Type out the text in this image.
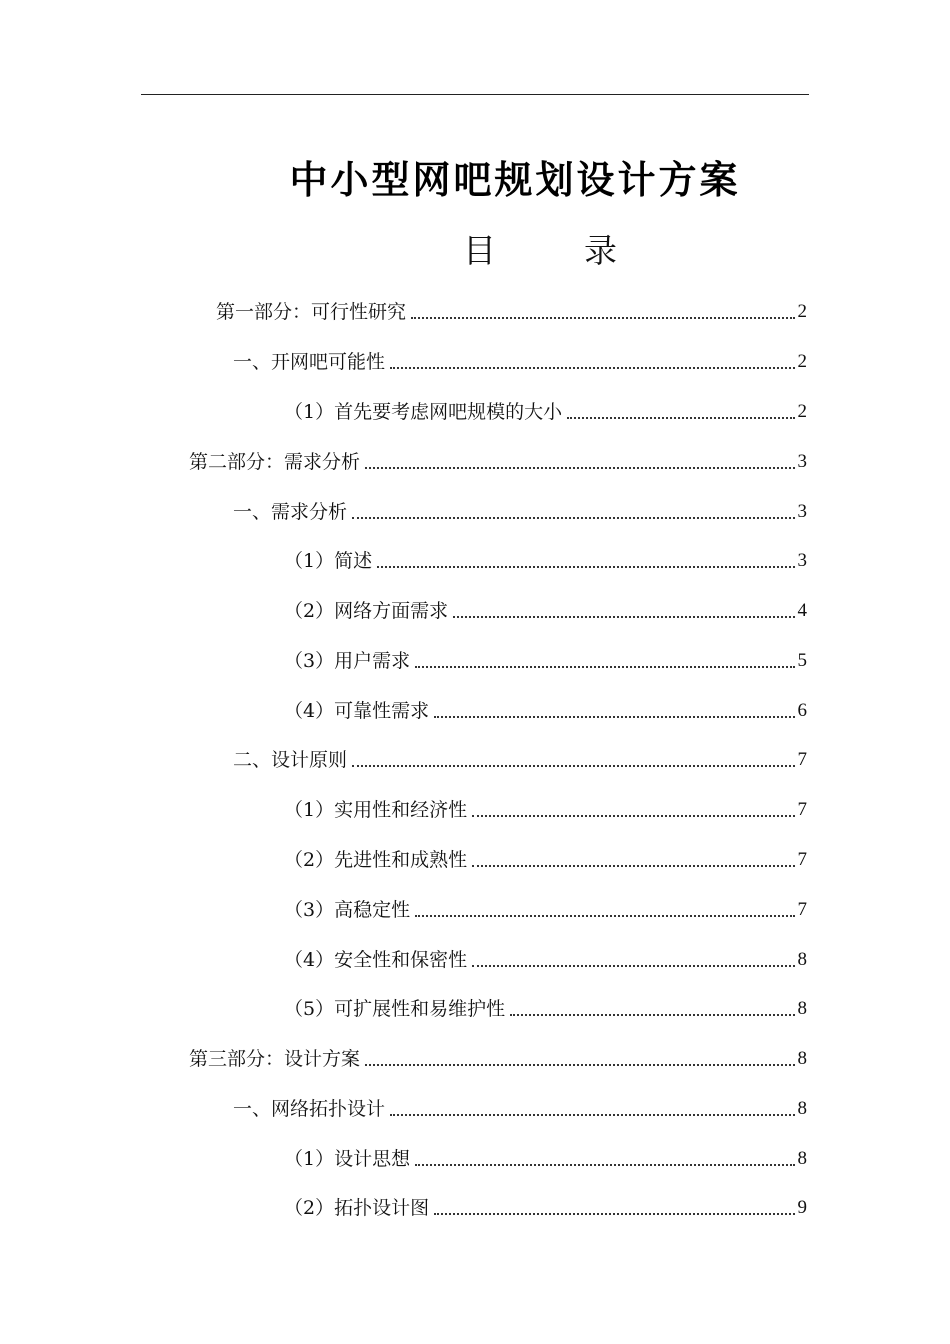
中小型网吧规划设计方案
目	录
第一部分：可行性研究	2
一、开网吧可能性	2
（1）首先要考虑网吧规模的大小	2
第二部分：需求分析	3
一、需求分析	3
（1）简述	3
（2）网络方面需求	4
（3）用户需求	5
（4）可靠性需求	6
二、设计原则	7
（1）实用性和经济性	7
（2）先进性和成熟性	7
（3）高稳定性	7
（4）安全性和保密性	8
（5）可扩展性和易维护性	8
第三部分：设计方案	8
一、网络拓扑设计	8
（1）设计思想	8
（2）拓扑设计图	9
